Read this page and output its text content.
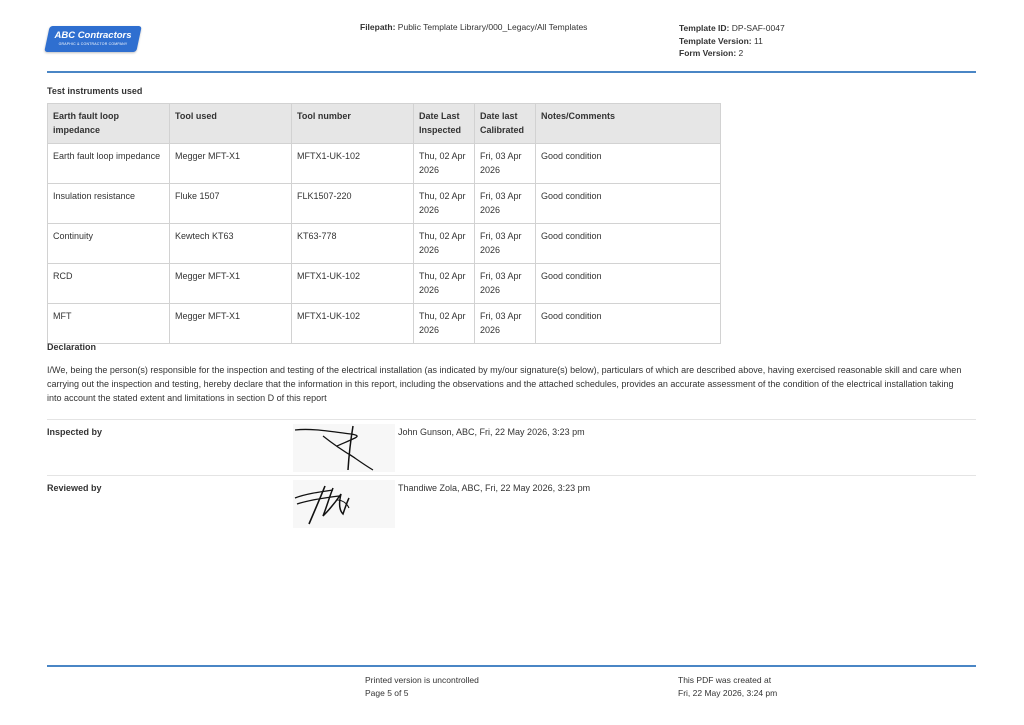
ABC Contractors
GRAPHIC & CONTRACTOR COMPANY
Filepath: Public Template Library/000_Legacy/All Templates	Template ID: DP-SAF-0047
Template Version: 11
Form Version: 2
Test instruments used
Earth fault loop impedance	Tool used	Tool number	Date Last Inspected	Date last Calibrated	Notes/Comments
Earth fault loop impedance	Megger MFT-X1	MFTX1-UK-102	Thu, 02 Apr 2026	Fri, 03 Apr 2026	Good condition
Insulation resistance	Fluke 1507	FLK1507-220	Thu, 02 Apr 2026	Fri, 03 Apr 2026	Good condition
Continuity	Kewtech KT63	KT63-778	Thu, 02 Apr 2026	Fri, 03 Apr 2026	Good condition
RCD	Megger MFT-X1	MFTX1-UK-102	Thu, 02 Apr 2026	Fri, 03 Apr 2026	Good condition
MFT	Megger MFT-X1	MFTX1-UK-102	Thu, 02 Apr 2026	Fri, 03 Apr 2026	Good condition
Declaration
I/We, being the person(s) responsible for the inspection and testing of the electrical installation (as indicated by my/our signature(s) below), particulars of which are described above, having exercised reasonable skill and care when carrying out the inspection and testing, hereby declare that the information in this report, including the observations and the attached schedules, provides an accurate assessment of the condition of the electrical installation taking into account the stated extent and limitations in section D of this report
Inspected by	John Gunson, ABC, Fri, 22 May 2026, 3:23 pm
Reviewed by	Thandiwe Zola, ABC, Fri, 22 May 2026, 3:23 pm
Printed version is uncontrolled
Page 5 of 5
This PDF was created at
Fri, 22 May 2026, 3:24 pm
